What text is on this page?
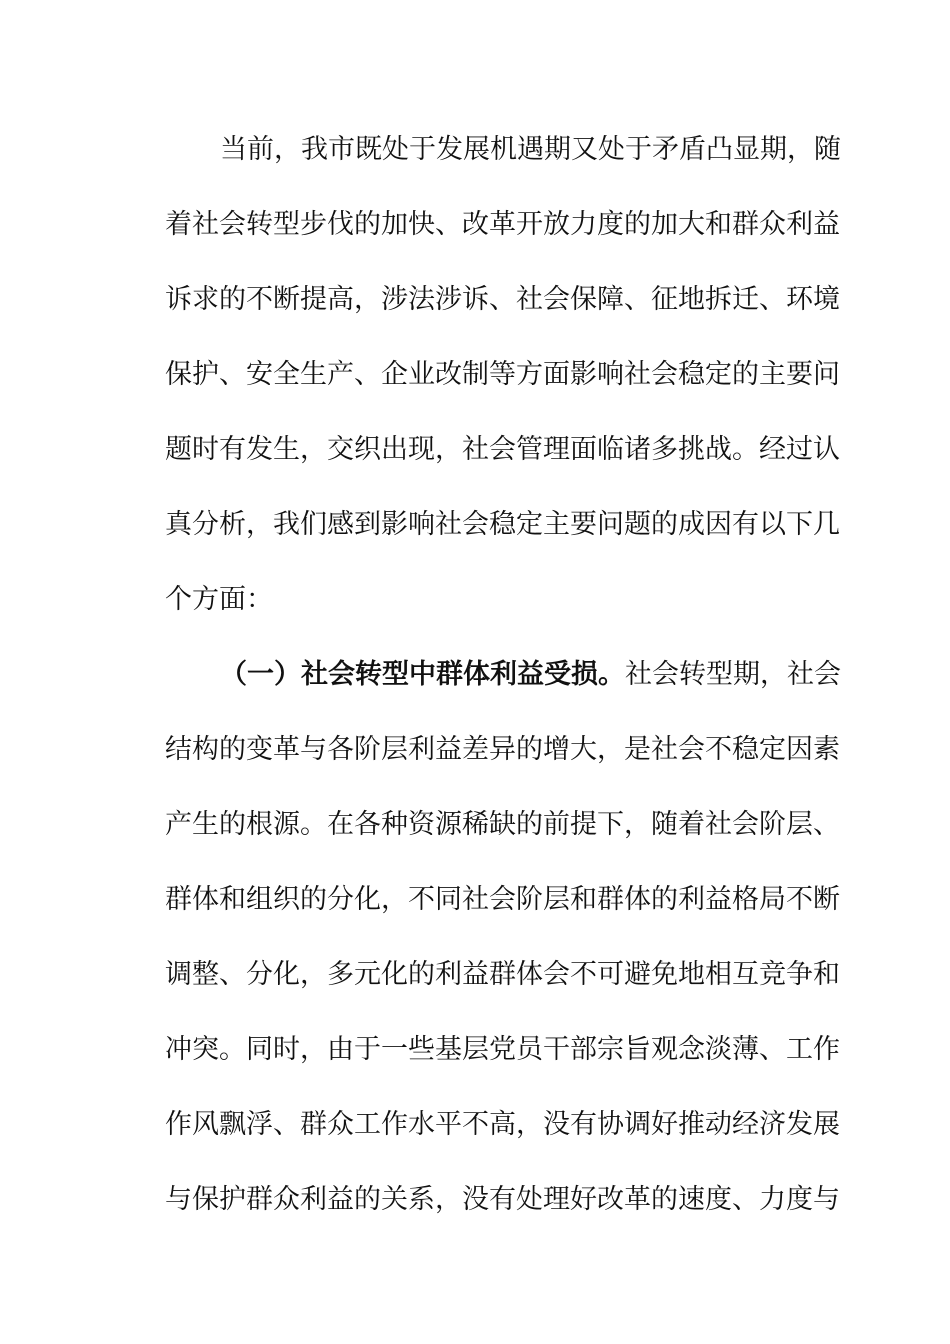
当 前 ， 我 市 既 处 于 发 展 机 遇 期 又 处 于 矛 盾 凸 显 期 ， 随
着 社 会 转 型 步 伐 的 加 快 、 改 革 开 放 力 度 的 加 大 和 群 众 利 益
诉 求 的 不 断 提 高 ， 涉 法 涉 诉 、 社 会 保 障 、 征 地 拆 迁 、 环 境
保 护 、 安 全 生 产 、 企 业 改 制 等 方 面 影 响 社 会 稳 定 的 主 要 问
题 时 有 发 生 ， 交 织 出 现 ， 社 会 管 理 面 临 诸 多 挑 战 。 经 过 认
真 分 析 ， 我 们 感 到 影 响 社 会 稳 定 主 要 问 题 的 成 因 有 以 下 几
个方面：
（ 一 ） 社 会 转 型 中 群 体 利 益 受 损 。 社 会 转 型 期 ， 社 会
结 构 的 变 革 与 各 阶 层 利 益 差 异 的 增 大 ， 是 社 会 不 稳 定 因 素
产 生 的 根 源 。 在 各 种 资 源 稀 缺 的 前 提 下 ， 随 着 社 会 阶 层 、
群 体 和 组 织 的 分 化 ， 不 同 社 会 阶 层 和 群 体 的 利 益 格 局 不 断
调 整 、 分 化 ， 多 元 化 的 利 益 群 体 会 不 可 避 免 地 相 互 竞 争 和
冲 突 。 同 时 ， 由 于 一 些 基 层 党 员 干 部 宗 旨 观 念 淡 薄 、 工 作
作 风 飘 浮 、 群 众 工 作 水 平 不 高 ， 没 有 协 调 好 推 动 经 济 发 展
与 保 护 群 众 利 益 的 关 系 ， 没 有 处 理 好 改 革 的 速 度 、 力 度 与
